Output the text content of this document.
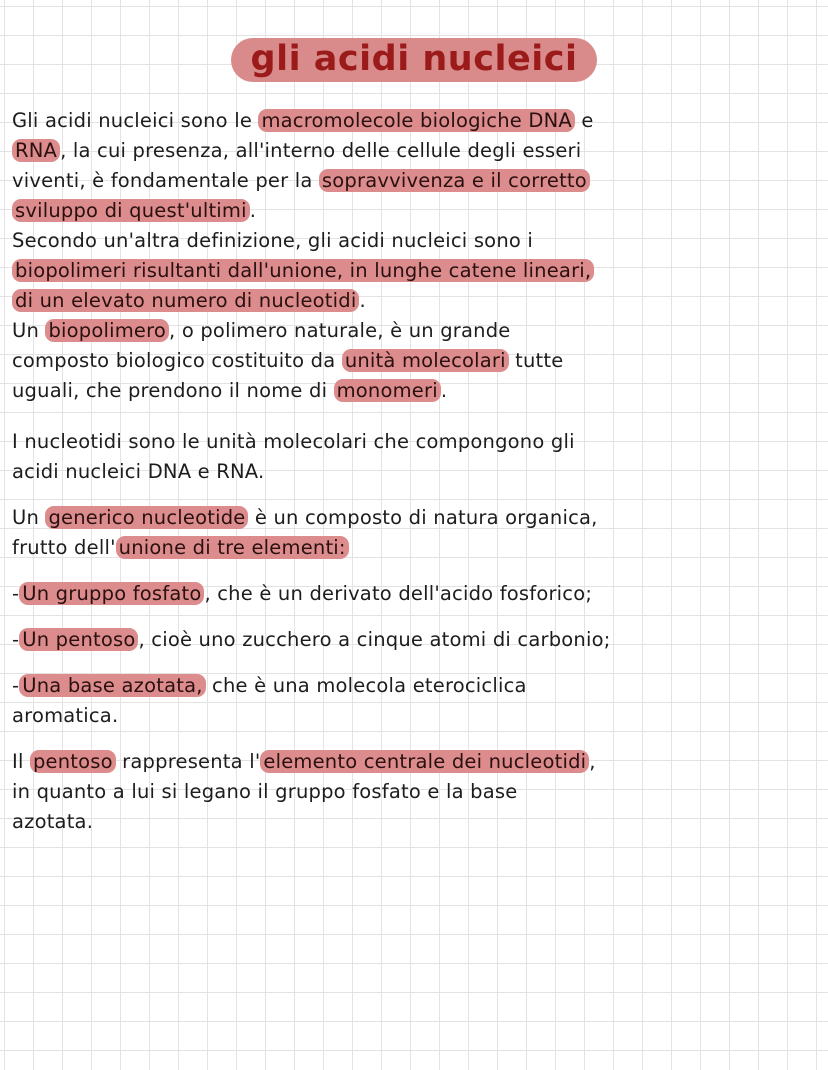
gli acidi nucleici
Gli acidi nucleici sono le macromolecole biologiche DNA e
RNA , la cui presenza, all'interno delle cellule degli esseri
viventi, è fondamentale per la sopravvivenza e il corretto
sviluppo di quest'ultimi .
Secondo un'altra definizione, gli acidi nucleici sono i
biopolimeri risultanti dall'unione, in lunghe catene lineari,
di un elevato numero di nucleotidi .
Un biopolimero , o polimero naturale, è un grande
composto biologico costituito da unità molecolari tutte
uguali, che prendono il nome di monomeri .
I nucleotidi sono le unità molecolari che compongono gli
acidi nucleici DNA e RNA.
Un generico nucleotide è un composto di natura organica,
frutto dell' unione di tre elementi:
- Un gruppo fosfato , che è un derivato dell'acido fosforico;
- Un pentoso , cioè uno zucchero a cinque atomi di carbonio;
- Una base azotata, che è una molecola eterociclica
aromatica.
Il pentoso rappresenta l' elemento centrale dei nucleotidi ,
in quanto a lui si legano il gruppo fosfato e la base
azotata.
